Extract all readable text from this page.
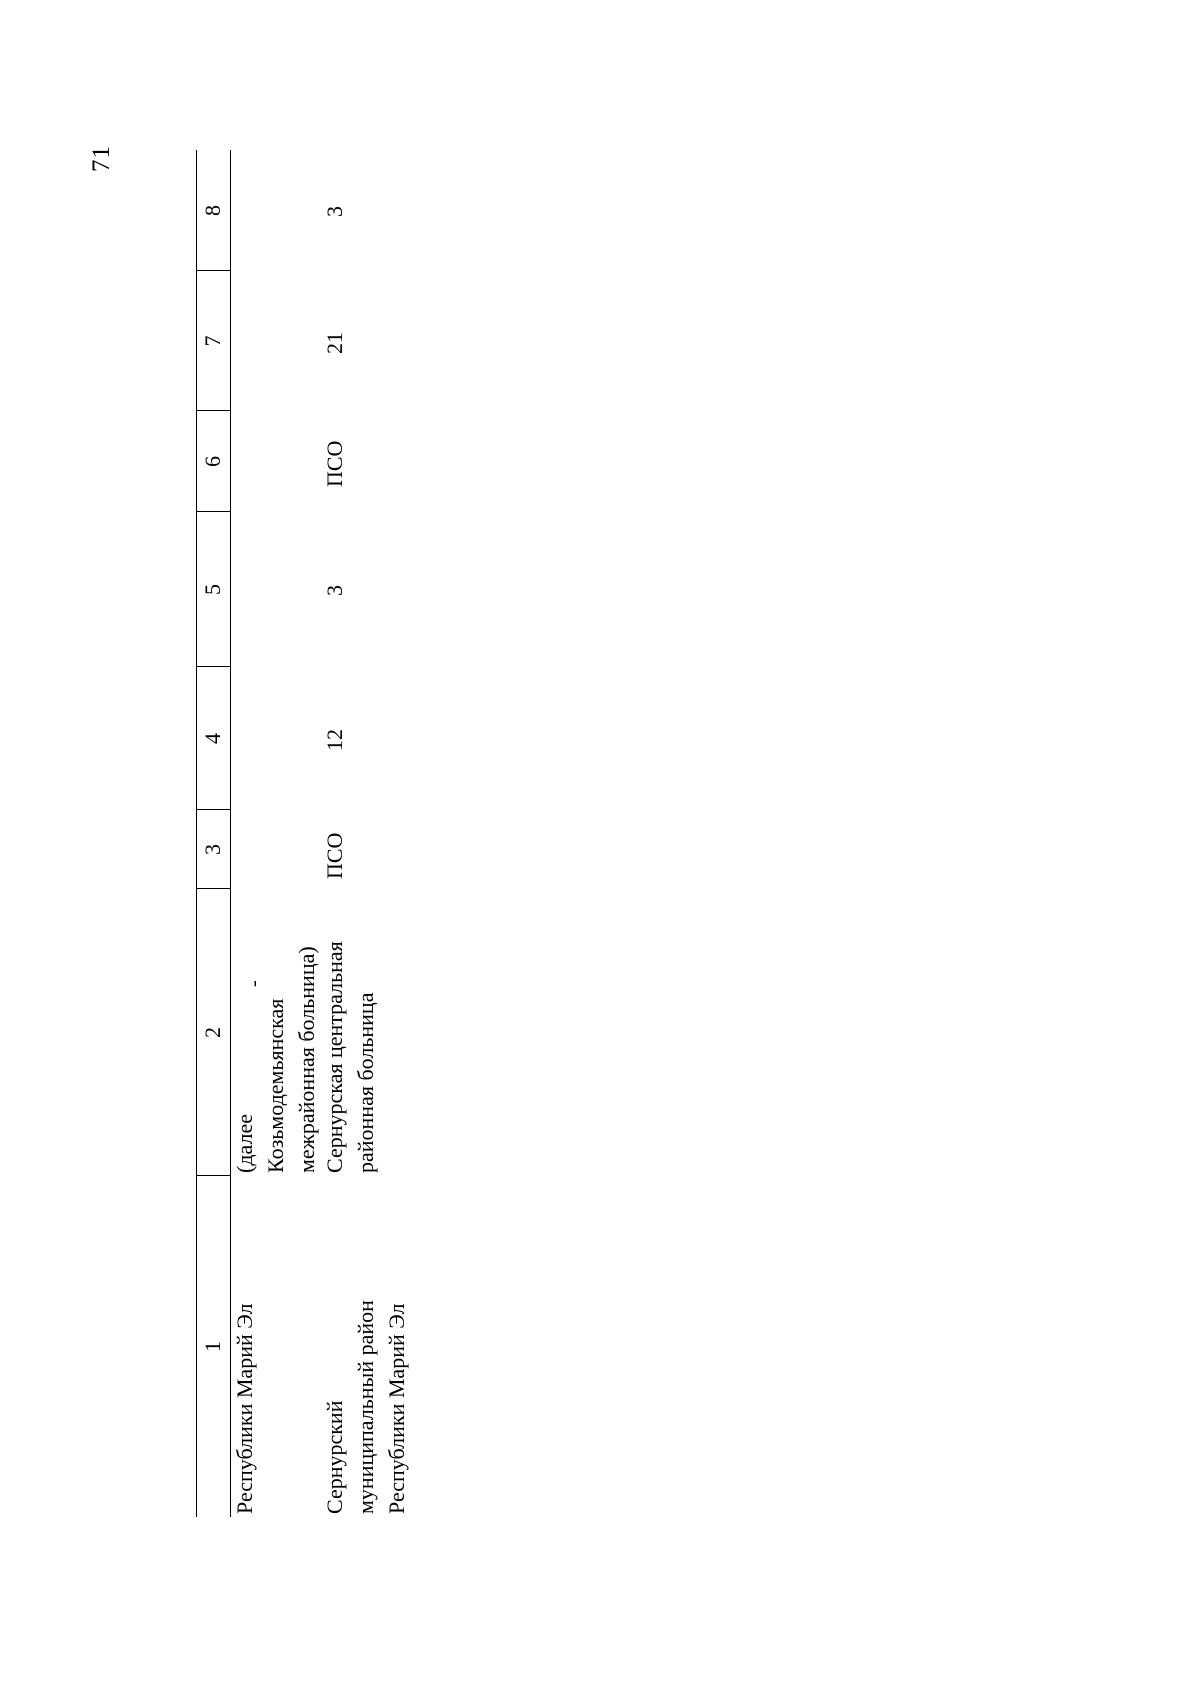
71
1
2
3
4
5
6
7
8
Республики Марий Эл
(далее Козьмодемьянская межрайонная больница)
-
Сернурский муниципальный район Республики Марий Эл
Сернурская центральная районная больница
ПСО
12
3
ПСО
21
3
